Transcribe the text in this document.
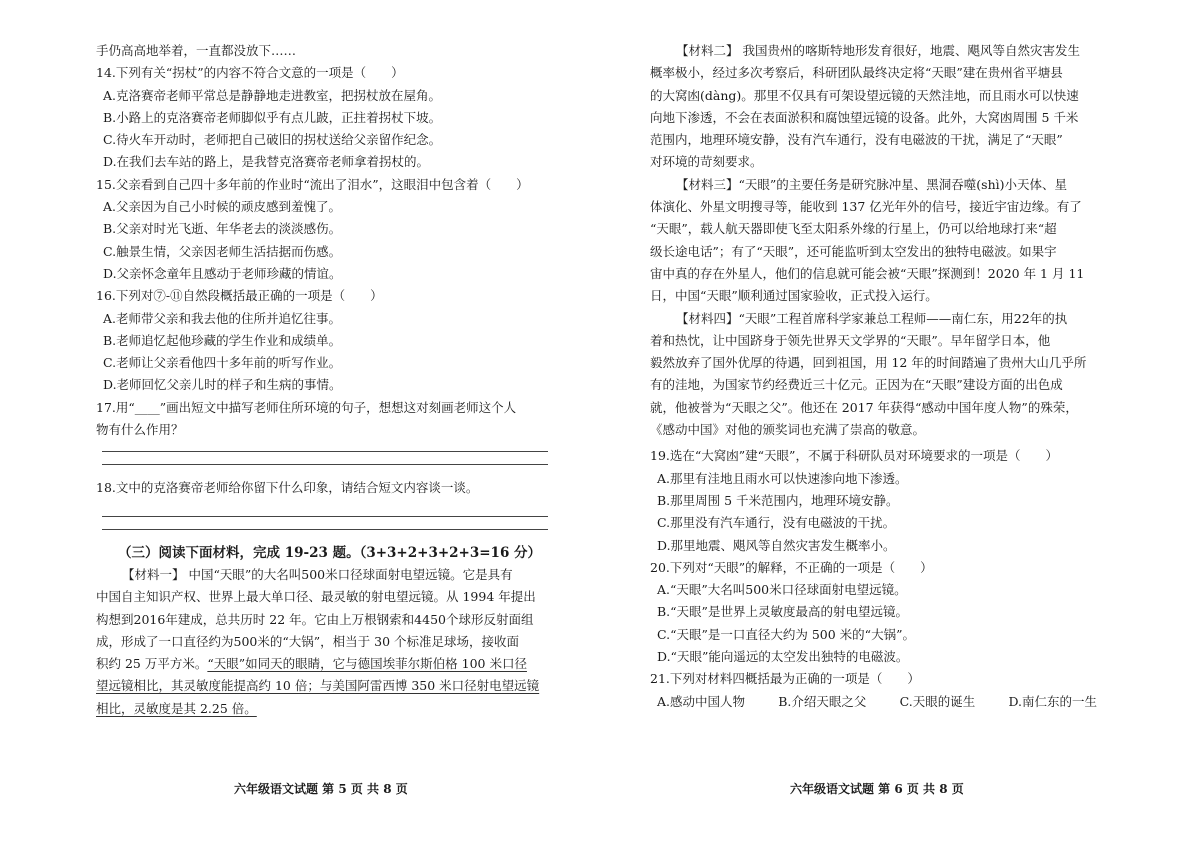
手仍高高地举着，一直都没放下……
14.下列有关“拐杖”的内容不符合文意的一项是（　　）
A.克洛赛帝老师平常总是静静地走进教室，把拐杖放在屋角。
B.小路上的克洛赛帝老师脚似乎有点儿跛，正拄着拐杖下坡。
C.待火车开动时，老师把自己破旧的拐杖送给父亲留作纪念。
D.在我们去车站的路上，是我替克洛赛帝老师拿着拐杖的。
15.父亲看到自己四十多年前的作业时“流出了泪水”，这眼泪中包含着（　　）
A.父亲因为自己小时候的顽皮感到羞愧了。
B.父亲对时光飞逝、年华老去的淡淡感伤。
C.触景生情，父亲因老师生活拮据而伤感。
D.父亲怀念童年且感动于老师珍藏的情谊。
16.下列对⑦-⑪自然段概括最正确的一项是（　　）
A.老师带父亲和我去他的住所并追忆往事。
B.老师追忆起他珍藏的学生作业和成绩单。
C.老师让父亲看他四十多年前的听写作业。
D.老师回忆父亲儿时的样子和生病的事情。
17.用“____”画出短文中描写老师住所环境的句子，想想这对刻画老师这个人
物有什么作用？
18.文中的克洛赛帝老师给你留下什么印象，请结合短文内容谈一谈。
（三）阅读下面材料，完成 19-23 题。（3+3+2+3+2+3=16 分）
【材料一】 中国“天眼”的大名叫500米口径球面射电望远镜。它是具有
中国自主知识产权、世界上最大单口径、最灵敏的射电望远镜。从 1994 年提出
构想到2016年建成，总共历时 22 年。它由上万根钢索和4450个球形反射面组
成，形成了一口直径约为500米的“大锅”，相当于 30 个标准足球场，接收面
积约 25 万平方米。“天眼”如同天的眼睛，它与德国埃菲尔斯伯格 100 米口径
望远镜相比，其灵敏度能提高约 10 倍；与美国阿雷西博 350 米口径射电望远镜
相比，灵敏度是其 2.25 倍。
六年级语文试题 第 5 页 共 8 页
【材料二】 我国贵州的喀斯特地形发育很好，地震、飓风等自然灾害发生
概率极小，经过多次考察后，科研团队最终决定将“天眼”建在贵州省平塘县
的大窝凼(dàng)。那里不仅具有可架设望远镜的天然洼地，而且雨水可以快速
向地下渗透，不会在表面淤积和腐蚀望远镜的设备。此外，大窝凼周围 5 千米
范围内，地理环境安静，没有汽车通行，没有电磁波的干扰，满足了“天眼”
对环境的苛刻要求。
【材料三】“天眼”的主要任务是研究脉冲星、黑洞吞噬(shì)小天体、星
体演化、外星文明搜寻等，能收到 137 亿光年外的信号，接近宇宙边缘。有了
“天眼”，载人航天器即使飞至太阳系外缘的行星上，仍可以给地球打来“超
级长途电话”；有了“天眼”，还可能监听到太空发出的独特电磁波。如果宇
宙中真的存在外星人，他们的信息就可能会被“天眼”探测到！2020 年 1 月 11
日，中国“天眼”顺利通过国家验收，正式投入运行。
【材料四】“天眼”工程首席科学家兼总工程师——南仁东，用22年的执
着和热忱，让中国跻身于领先世界天文学界的“天眼”。早年留学日本，他
毅然放弃了国外优厚的待遇，回到祖国，用 12 年的时间踏遍了贵州大山几乎所
有的洼地，为国家节约经费近三十亿元。正因为在“天眼”建设方面的出色成
就，他被誉为“天眼之父”。他还在 2017 年获得“感动中国年度人物”的殊荣，
《感动中国》对他的颁奖词也充满了崇高的敬意。
19.选在“大窝凼”建“天眼”，不属于科研队员对环境要求的一项是（　　）
A.那里有洼地且雨水可以快速渗向地下渗透。
B.那里周围 5 千米范围内，地理环境安静。
C.那里没有汽车通行，没有电磁波的干扰。
D.那里地震、飓风等自然灾害发生概率小。
20.下列对“天眼”的解释，不正确的一项是（　　）
A.“天眼”大名叫500米口径球面射电望远镜。
B.“天眼”是世界上灵敏度最高的射电望远镜。
C.“天眼”是一口直径大约为 500 米的“大锅”。
D.“天眼”能向遥远的太空发出独特的电磁波。
21.下列对材料四概括最为正确的一项是（　　）
A.感动中国人物	B.介绍天眼之父	C.天眼的诞生	D.南仁东的一生
六年级语文试题 第 6 页 共 8 页
